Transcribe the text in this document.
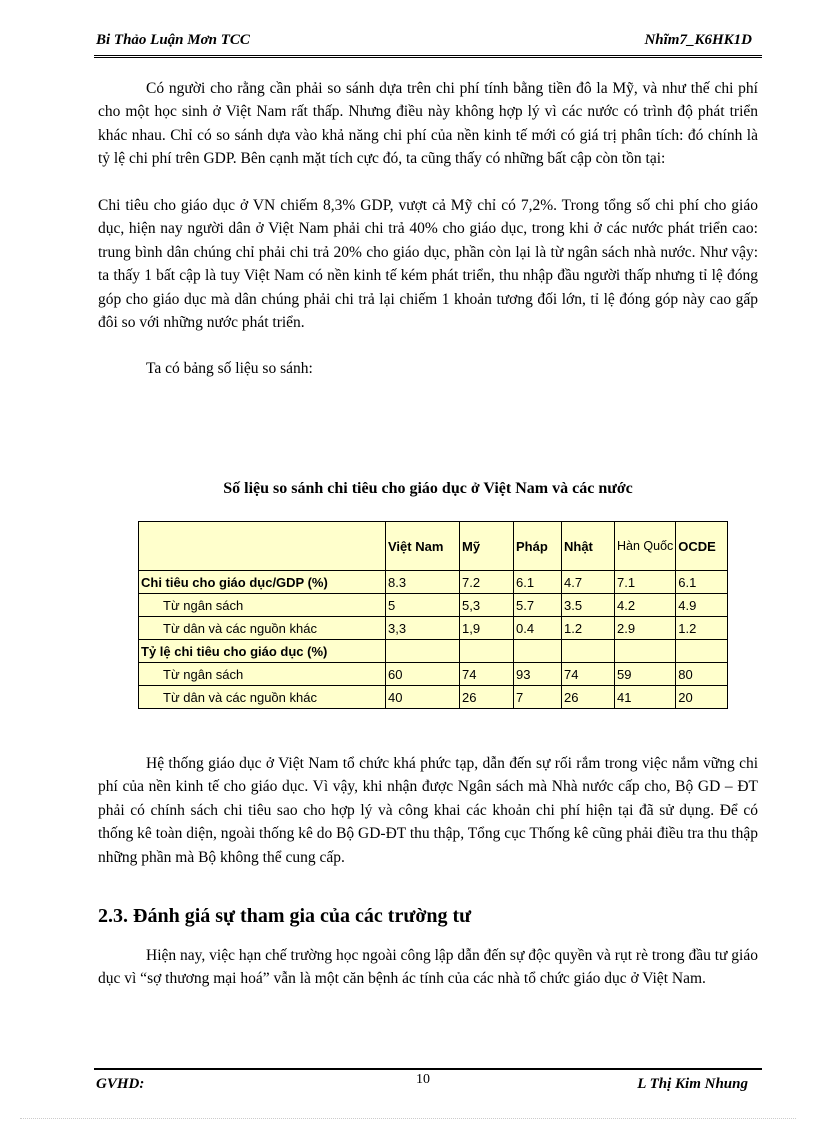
Bi Thảo Luận Mơn TCC	Nhĩm7_K6HK1D

Có người cho rằng cần phải so sánh dựa trên chi phí tính bằng tiền đô la Mỹ, và như thế chi phí cho một học sinh ở Việt Nam rất thấp. Nhưng điều này không hợp lý vì các nước có trình độ phát triển khác nhau. Chỉ có so sánh dựa vào khả năng chi phí của nền kinh tế mới có giá trị phân tích: đó chính là tỷ lệ chi phí trên GDP. Bên cạnh mặt tích cực đó, ta cũng thấy có những bất cập còn tồn tại:

Chi tiêu cho giáo dục ở VN chiếm 8,3% GDP, vượt cả Mỹ chỉ có 7,2%. Trong tổng số chi phí cho giáo dục, hiện nay người dân ở Việt Nam phải chi trả 40% cho giáo dục, trong khi ở các nước phát triển cao: trung bình dân chúng chỉ phải chi trả 20% cho giáo dục, phần còn lại là từ ngân sách nhà nước. Như vậy: ta thấy 1 bất cập là tuy Việt Nam có nền kinh tế kém phát triển, thu nhập đầu người thấp nhưng tỉ lệ đóng góp cho giáo dục mà dân chúng phải chi trả lại chiếm 1 khoản tương đối lớn, tỉ lệ đóng góp này cao gấp đôi so với những nước phát triển.

Ta có bảng số liệu so sánh:

Số liệu so sánh chi tiêu cho giáo dục ở Việt Nam và các nước
	Việt Nam	Mỹ	Pháp	Nhật	Hàn Quốc	OCDE
Chi tiêu cho giáo dục/GDP (%)	8.3	7.2	6.1	4.7	7.1	6.1
Từ ngân sách	5	5,3	5.7	3.5	4.2	4.9
Từ dân và các nguồn khác	3,3	1,9	0.4	1.2	2.9	1.2
Tỷ lệ chi tiêu cho giáo dục (%)						
Từ ngân sách	60	74	93	74	59	80
Từ dân và các nguồn khác	40	26	7	26	41	20

Hệ thống giáo dục ở Việt Nam tổ chức khá phức tạp, dẫn đến sự rối rắm trong việc nắm vững chi phí của nền kinh tế cho giáo dục. Vì vậy, khi nhận được Ngân sách mà Nhà nước cấp cho, Bộ GD – ĐT phải có chính sách chi tiêu sao cho hợp lý và công khai các khoản chi phí hiện tại đã sử dụng. Để có thống kê toàn diện, ngoài thống kê do Bộ GD-ĐT thu thập, Tổng cục Thống kê cũng phải điều tra thu thập những phần mà Bộ không thể cung cấp.

2.3. Đánh giá sự tham gia của các trường tư

Hiện nay, việc hạn chế trường học ngoài công lập dẫn đến sự độc quyền và rụt rè trong đầu tư giáo dục vì “sợ thương mại hoá” vẫn là một căn bệnh ác tính của các nhà tổ chức giáo dục ở Việt Nam.

GVHD:	10	L Thị Kim Nhung
